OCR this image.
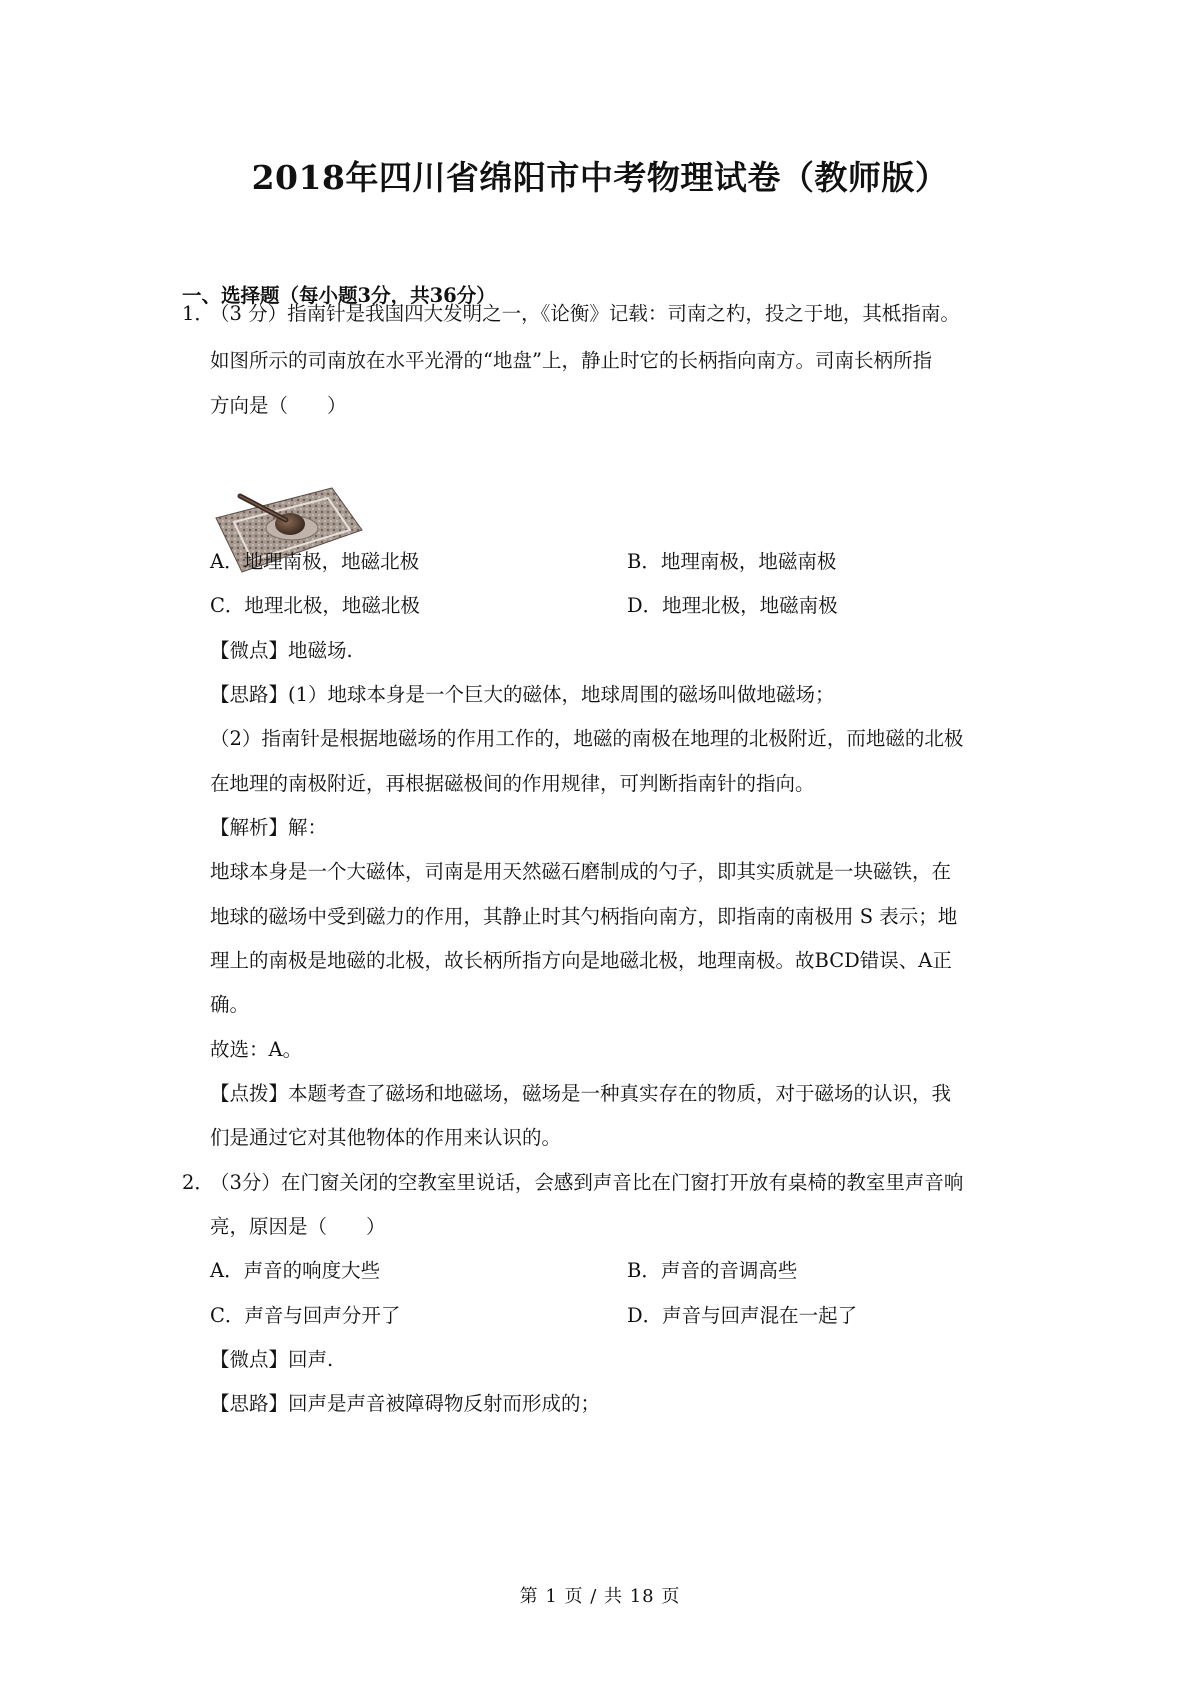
2018年四川省绵阳市中考物理试卷（教师版）
一、选择题（每小题3分，共36分）
1．
（3 分）指南针是我国四大发明之一，《论衡》记载：司南之杓，投之于地，其柢指南。
如图所示的司南放在水平光滑的“地盘”上，静止时它的长柄指向南方。司南长柄所指
方向是（　　）
A．地理南极，地磁北极	B．地理南极，地磁南极
C．地理北极，地磁北极	D．地理北极，地磁南极
【微点】地磁场.
【思路】(1）地球本身是一个巨大的磁体，地球周围的磁场叫做地磁场；
（2）指南针是根据地磁场的作用工作的，地磁的南极在地理的北极附近，而地磁的北极
在地理的南极附近，再根据磁极间的作用规律，可判断指南针的指向。
【解析】解：
地球本身是一个大磁体，司南是用天然磁石磨制成的勺子，即其实质就是一块磁铁，在
地球的磁场中受到磁力的作用，其静止时其勺柄指向南方，即指南的南极用 S 表示；地
理上的南极是地磁的北极，故长柄所指方向是地磁北极，地理南极。故BCD错误、A正
确。
故选：A。
【点拨】本题考查了磁场和地磁场，磁场是一种真实存在的物质，对于磁场的认识，我
们是通过它对其他物体的作用来认识的。
2．
（3分）在门窗关闭的空教室里说话，会感到声音比在门窗打开放有桌椅的教室里声音响
亮，原因是（　　）
A．声音的响度大些	B．声音的音调高些
C．声音与回声分开了	D．声音与回声混在一起了
【微点】回声.
【思路】回声是声音被障碍物反射而形成的；
第 1 页 / 共 18 页
